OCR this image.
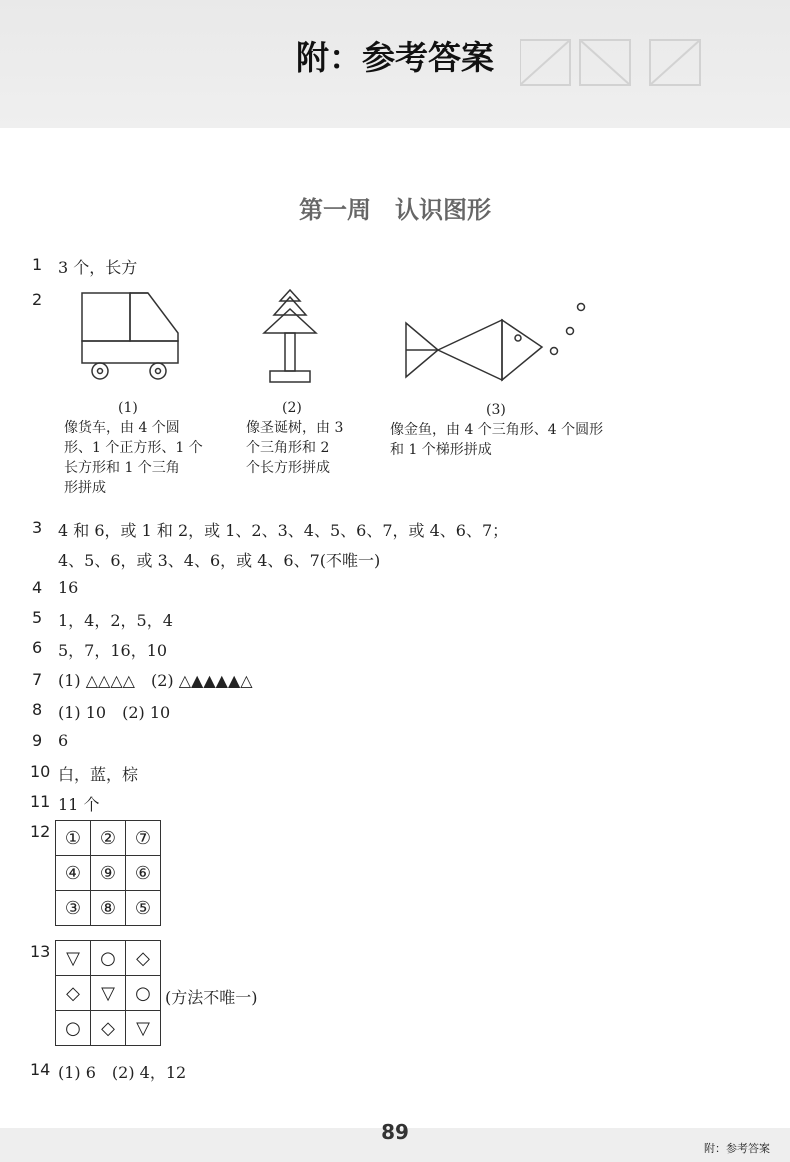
附：参考答案
第一周　认识图形
1 3 个，长方
2
(1)	(2)	(3)
像货车，由 4 个圆
形、1 个正方形、1 个
长方形和 1 个三角
形拼成
像圣诞树，由 3
个三角形和 2
个长方形拼成
像金鱼，由 4 个三角形、4 个圆形
和 1 个梯形拼成
3 4 和 6，或 1 和 2，或 1、2、3、4、5、6、7，或 4、6、7；
4、5、6，或 3、4、6，或 4、6、7(不唯一)
4 16
5 1，4，2，5，4
6 5，7，16，10
7 (1) △△△△　(2) △▲▲▲▲△
8 (1) 10　(2) 10
9 6
10 白，蓝，棕
11 11 个
12 ①	②	⑦
④	⑨	⑥
③	⑧	⑤
13 ▽	○	◇
◇	▽	○
○	◇	▽
(方法不唯一)
14 (1) 6　(2) 4，12
89
附：参考答案
